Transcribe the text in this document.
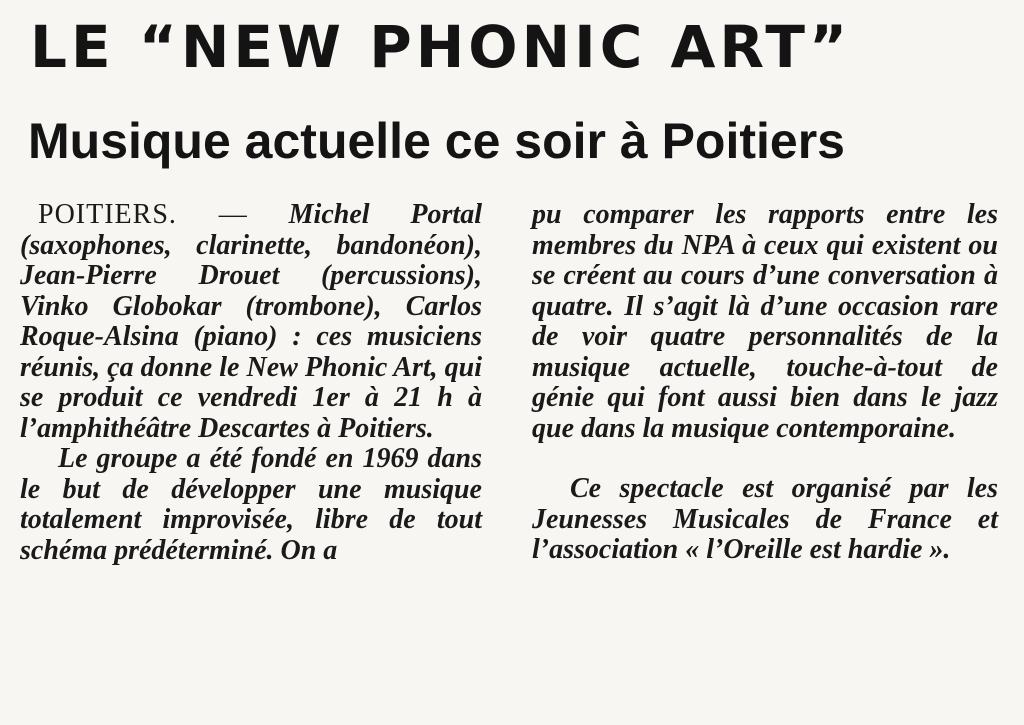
LE “NEW PHONIC ART”
Musique actuelle ce soir à Poitiers

POITIERS. — Michel Portal (saxophones, clarinette, bandonéon), Jean-Pierre Drouet (percussions), Vinko Globokar (trombone), Carlos Roque-Alsina (piano) : ces musiciens réunis, ça donne le New Phonic Art, qui se produit ce vendredi 1er à 21 h à l’amphithéâtre Descartes à Poitiers.

Le groupe a été fondé en 1969 dans le but de développer une musique totalement improvisée, libre de tout schéma prédéterminé. On a

pu comparer les rapports entre les membres du NPA à ceux qui existent ou se créent au cours d’une conversation à quatre. Il s’agit là d’une occasion rare de voir quatre personnalités de la musique actuelle, touche-à-tout de génie qui font aussi bien dans le jazz que dans la musique contemporaine.

Ce spectacle est organisé par les Jeunesses Musicales de France et l’association « l’Oreille est hardie ».
